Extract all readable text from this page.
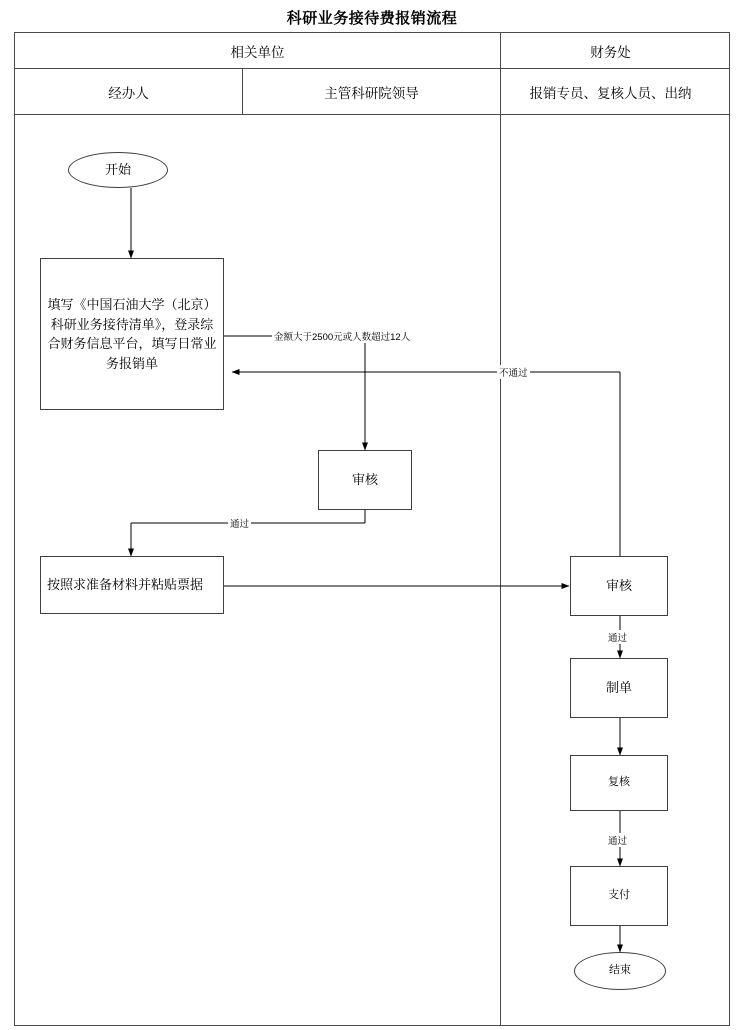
科研业务接待费报销流程
相关单位	财务处
经办人	主管科研院领导	报销专员、复核人员、出纳
开始
填写《中国石油大学（北京）科研业务接待清单》，登录综合财务信息平台，填写日常业务报销单
审核
按照求准备材料并粘贴票据	审核
制单
复核
支付
结束
金额大于2500元或人数超过12人
通过
不通过
通过
通过
